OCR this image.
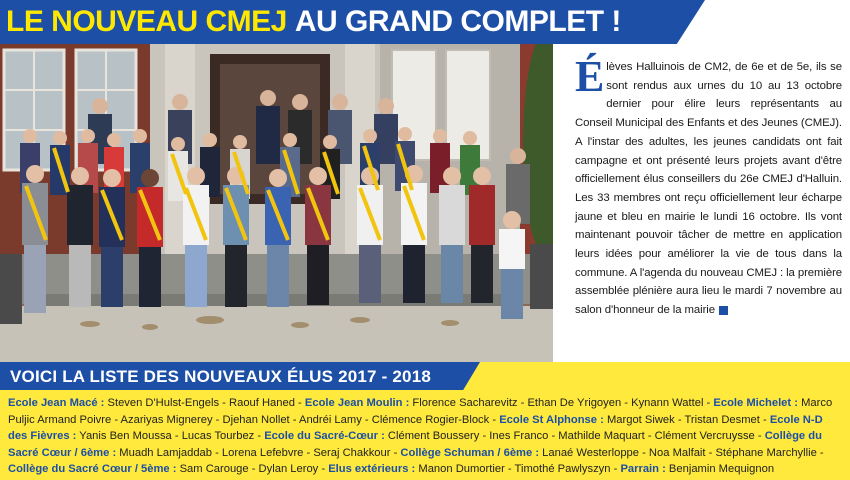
LE NOUVEAU CMEJ AU GRAND COMPLET !

Élèves Halluinois de CM2, de 6e et de 5e, ils se sont rendus aux urnes du 10 au 13 octobre dernier pour élire leurs représentants au Conseil Municipal des Enfants et des Jeunes (CMEJ). A l'instar des adultes, les jeunes candidats ont fait campagne et ont présenté leurs projets avant d'être officiellement élus conseillers du 26e CMEJ d'Halluin. Les 33 membres ont reçu officiellement leur écharpe jaune et bleu en mairie le lundi 16 octobre. Ils vont maintenant pouvoir tâcher de mettre en application leurs idées pour améliorer la vie de tous dans la commune. A l'agenda du nouveau CMEJ : la première assemblée plénière aura lieu le mardi 7 novembre au salon d'honneur de la mairie

VOICI LA LISTE DES NOUVEAUX ÉLUS 2017 - 2018
Ecole Jean Macé : Steven D'Hulst-Engels - Raouf Haned - Ecole Jean Moulin : Florence Sacharevitz - Ethan De Yrigoyen - Kynann Wattel - Ecole Michelet : Marco Puljic Armand Poivre - Azariyas Mignerey - Djehan Nollet - Andréi Lamy - Clémence Rogier-Block - Ecole St Alphonse : Margot Siwek - Tristan Desmet - Ecole N-D des Fièvres : Yanis Ben Moussa - Lucas Tourbez - Ecole du Sacré-Cœur : Clément Boussery - Ines Franco - Mathilde Maquart - Clément Vercruysse - Collège du Sacré Cœur / 6ème : Muadh Lamjaddab - Lorena Lefebvre - Seraj Chakkour - Collège Schuman / 6ème : Lanaé Westerloppe - Noa Malfait - Stéphane Marchyllie - Collège du Sacré Cœur / 5ème : Sam Carouge - Dylan Leroy - Elus extérieurs : Manon Dumortier - Timothé Pawlyszyn - Parrain : Benjamin Mequignon
